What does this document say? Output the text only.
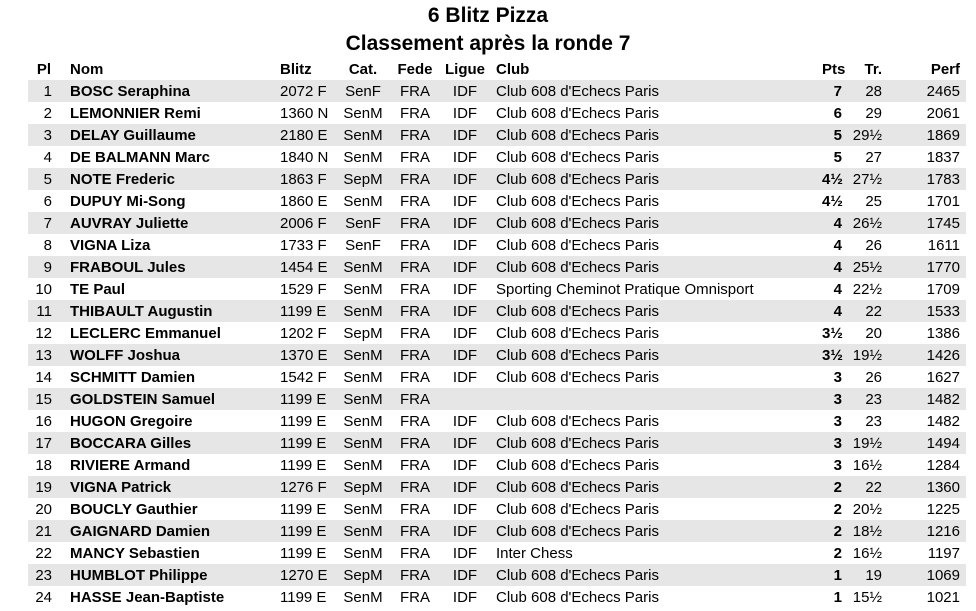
6 Blitz Pizza
Classement après la ronde 7
Pl	Nom	Blitz	Cat.	Fede	Ligue	Club	Pts	Tr.	Perf
1	BOSC Seraphina	2072 F	SenF	FRA	IDF	Club 608 d'Echecs Paris	7	28	2465
2	LEMONNIER Remi	1360 N	SenM	FRA	IDF	Club 608 d'Echecs Paris	6	29	2061
3	DELAY Guillaume	2180 E	SenM	FRA	IDF	Club 608 d'Echecs Paris	5	29½	1869
4	DE BALMANN Marc	1840 N	SenM	FRA	IDF	Club 608 d'Echecs Paris	5	27	1837
5	NOTE Frederic	1863 F	SepM	FRA	IDF	Club 608 d'Echecs Paris	4½	27½	1783
6	DUPUY Mi-Song	1860 E	SenM	FRA	IDF	Club 608 d'Echecs Paris	4½	25	1701
7	AUVRAY Juliette	2006 F	SenF	FRA	IDF	Club 608 d'Echecs Paris	4	26½	1745
8	VIGNA Liza	1733 F	SenF	FRA	IDF	Club 608 d'Echecs Paris	4	26	1611
9	FRABOUL Jules	1454 E	SenM	FRA	IDF	Club 608 d'Echecs Paris	4	25½	1770
10	TE Paul	1529 F	SenM	FRA	IDF	Sporting Cheminot Pratique Omnisport	4	22½	1709
11	THIBAULT Augustin	1199 E	SenM	FRA	IDF	Club 608 d'Echecs Paris	4	22	1533
12	LECLERC Emmanuel	1202 F	SepM	FRA	IDF	Club 608 d'Echecs Paris	3½	20	1386
13	WOLFF Joshua	1370 E	SenM	FRA	IDF	Club 608 d'Echecs Paris	3½	19½	1426
14	SCHMITT Damien	1542 F	SenM	FRA	IDF	Club 608 d'Echecs Paris	3	26	1627
15	GOLDSTEIN Samuel	1199 E	SenM	FRA			3	23	1482
16	HUGON Gregoire	1199 E	SenM	FRA	IDF	Club 608 d'Echecs Paris	3	23	1482
17	BOCCARA Gilles	1199 E	SenM	FRA	IDF	Club 608 d'Echecs Paris	3	19½	1494
18	RIVIERE Armand	1199 E	SenM	FRA	IDF	Club 608 d'Echecs Paris	3	16½	1284
19	VIGNA Patrick	1276 F	SepM	FRA	IDF	Club 608 d'Echecs Paris	2	22	1360
20	BOUCLY Gauthier	1199 E	SenM	FRA	IDF	Club 608 d'Echecs Paris	2	20½	1225
21	GAIGNARD Damien	1199 E	SenM	FRA	IDF	Club 608 d'Echecs Paris	2	18½	1216
22	MANCY Sebastien	1199 E	SenM	FRA	IDF	Inter Chess	2	16½	1197
23	HUMBLOT Philippe	1270 E	SepM	FRA	IDF	Club 608 d'Echecs Paris	1	19	1069
24	HASSE Jean-Baptiste	1199 E	SenM	FRA	IDF	Club 608 d'Echecs Paris	1	15½	1021
